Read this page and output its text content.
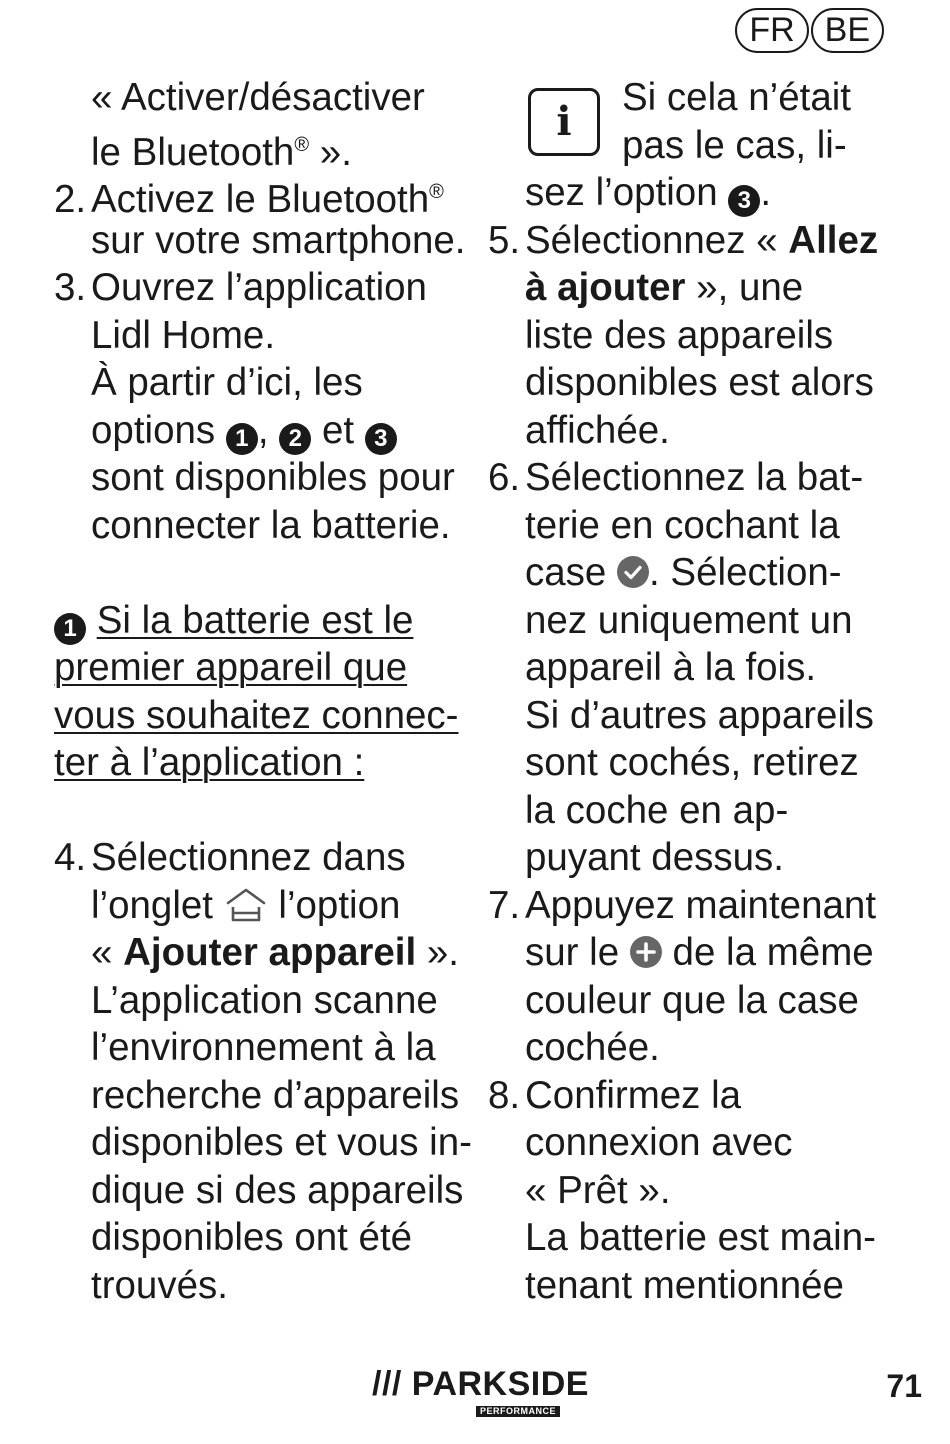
FR BE
« Activer/désactiver
le Bluetooth® ».
2. Activez le Bluetooth®
sur votre smartphone.
3. Ouvrez l’application
Lidl Home.
À partir d’ici, les
options 1 , 2 et 3
sont disponibles pour
connecter la batterie.
1 Si la batterie est le
premier appareil que
vous souhaitez connec-
ter à l’application :
4. Sélectionnez dans
l’onglet  l’option
« Ajouter appareil ».
L’application scanne
l’environnement à la
recherche d’appareils
disponibles et vous in-
dique si des appareils
disponibles ont été
trouvés.
i
Si cela n’était
pas le cas, li-
sez l’option 3 .
5. Sélectionnez « Allez
à ajouter », une
liste des appareils
disponibles est alors
affichée.
6. Sélectionnez la bat-
terie en cochant la
case
. Sélection-
nez uniquement un
appareil à la fois.
Si d’autres appareils
sont cochés, retirez
la coche en ap-
puyant dessus.
7. Appuyez maintenant
sur le
de la même
couleur que la case
cochée.
8. Confirmez la
connexion avec
« Prêt ».
La batterie est main-
tenant mentionnée
/// PARKSIDE
PERFORMANCE
71
